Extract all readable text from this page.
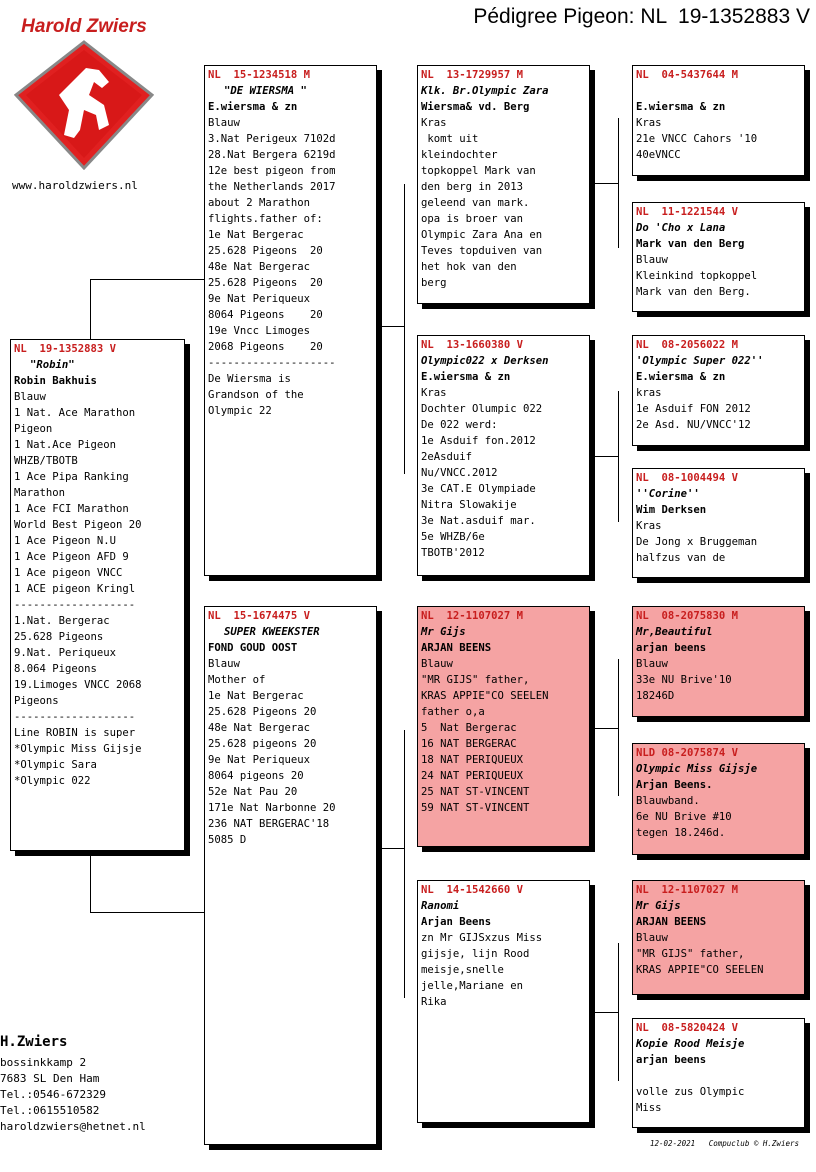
Harold Zwiers
www.haroldzwiers.nl
Pédigree Pigeon: NL  19-1352883 V
NL  19-1352883 V
"Robin"
Robin Bakhuis
Blauw
1 Nat. Ace Marathon
Pigeon
1 Nat.Ace Pigeon
WHZB/TBOTB
1 Ace Pipa Ranking
Marathon
1 Ace FCI Marathon
World Best Pigeon 20
1 Ace Pigeon N.U
1 Ace Pigeon AFD 9
1 Ace pigeon VNCC
1 ACE pigeon Kringl
-------------------
1.Nat. Bergerac
25.628 Pigeons
9.Nat. Periqueux
8.064 Pigeons
19.Limoges VNCC 2068
Pigeons
-------------------
Line ROBIN is super
*Olympic Miss Gijsje
*Olympic Sara
*Olympic 022
NL  15-1234518 M
"DE WIERSMA "
E.wiersma & zn
Blauw
3.Nat Perigeux 7102d
28.Nat Bergera 6219d
12e best pigeon from
the Netherlands 2017
about 2 Marathon
flights.father of:
1e Nat Bergerac
25.628 Pigeons  20
48e Nat Bergerac
25.628 Pigeons  20
9e Nat Periqueux
8064 Pigeons    20
19e Vncc Limoges
2068 Pigeons    20
--------------------
De Wiersma is
Grandson of the
Olympic 22
NL  15-1674475 V
SUPER KWEEKSTER
FOND GOUD OOST
Blauw
Mother of
1e Nat Bergerac
25.628 Pigeons 20
48e Nat Bergerac
25.628 pigeons 20
9e Nat Periqueux
8064 pigeons 20
52e Nat Pau 20
171e Nat Narbonne 20
236 NAT BERGERAC'18
5085 D
NL  13-1729957 M
Klk. Br.Olympic Zara
Wiersma& vd. Berg
Kras
komt uit
kleindochter
topkoppel Mark van
den berg in 2013
geleend van mark.
opa is broer van
Olympic Zara Ana en
Teves topduiven van
het hok van den
berg
NL  13-1660380 V
Olympic022 x Derksen
E.wiersma & zn
Kras
Dochter Olumpic 022
De 022 werd:
1e Asduif fon.2012
2eAsduif
Nu/VNCC.2012
3e CAT.E Olympiade
Nitra Slowakije
3e Nat.asduif mar.
5e WHZB/6e
TBOTB'2012
NL  12-1107027 M
Mr Gijs
ARJAN BEENS
Blauw
"MR GIJS" father,
KRAS APPIE"CO SEELEN
father o,a
5  Nat Bergerac
16 NAT BERGERAC
18 NAT PERIQUEUX
24 NAT PERIQUEUX
25 NAT ST-VINCENT
59 NAT ST-VINCENT
NL  14-1542660 V
Ranomi
Arjan Beens
zn Mr GIJSxzus Miss
gijsje, lijn Rood
meisje,snelle
jelle,Mariane en
Rika
NL  04-5437644 M

E.wiersma & zn
Kras
21e VNCC Cahors '10
40eVNCC
NL  11-1221544 V
Do 'Cho x Lana
Mark van den Berg
Blauw
Kleinkind topkoppel
Mark van den Berg.
NL  08-2056022 M
'Olympic Super 022''
E.wiersma & zn
kras
1e Asduif FON 2012
2e Asd. NU/VNCC'12
NL  08-1004494 V
''Corine''
Wim Derksen
Kras
De Jong x Bruggeman
halfzus van de
NL  08-2075830 M
Mr,Beautiful
arjan beens
Blauw
33e NU Brive'10
18246D
NLD 08-2075874 V
Olympic Miss Gijsje
Arjan Beens.
Blauwband.
6e NU Brive #10
tegen 18.246d.
NL  12-1107027 M
Mr Gijs
ARJAN BEENS
Blauw
"MR GIJS" father,
KRAS APPIE"CO SEELEN
NL  08-5820424 V
Kopie Rood Meisje
arjan beens

volle zus Olympic
Miss
H.Zwiers
bossinkkamp 2
7683 SL Den Ham
Tel.:0546-672329
Tel.:0615510582
haroldzwiers@hetnet.nl
12-02-2021 Compuclub © H.Zwiers
